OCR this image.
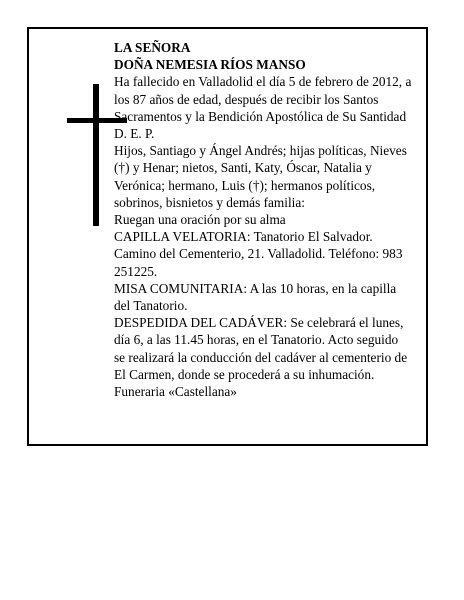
LA SEÑORA
DOÑA NEMESIA RÍOS MANSO
Ha fallecido en Valladolid el día 5 de febrero de 2012, a
los 87 años de edad, después de recibir los Santos
Sacramentos y la Bendición Apostólica de Su Santidad
D. E. P.
Hijos, Santiago y Ángel Andrés; hijas políticas, Nieves
(†) y Henar; nietos, Santi, Katy, Óscar, Natalia y
Verónica; hermano, Luis (†); hermanos políticos,
sobrinos, bisnietos y demás familia:
Ruegan una oración por su alma
CAPILLA VELATORIA: Tanatorio El Salvador.
Camino del Cementerio, 21. Valladolid. Teléfono: 983
251225.
MISA COMUNITARIA: A las 10 horas, en la capilla
del Tanatorio.
DESPEDIDA DEL CADÁVER: Se celebrará el lunes,
día 6, a las 11.45 horas, en el Tanatorio. Acto seguido
se realizará la conducción del cadáver al cementerio de
El Carmen, donde se procederá a su inhumación.
Funeraria «Castellana»
